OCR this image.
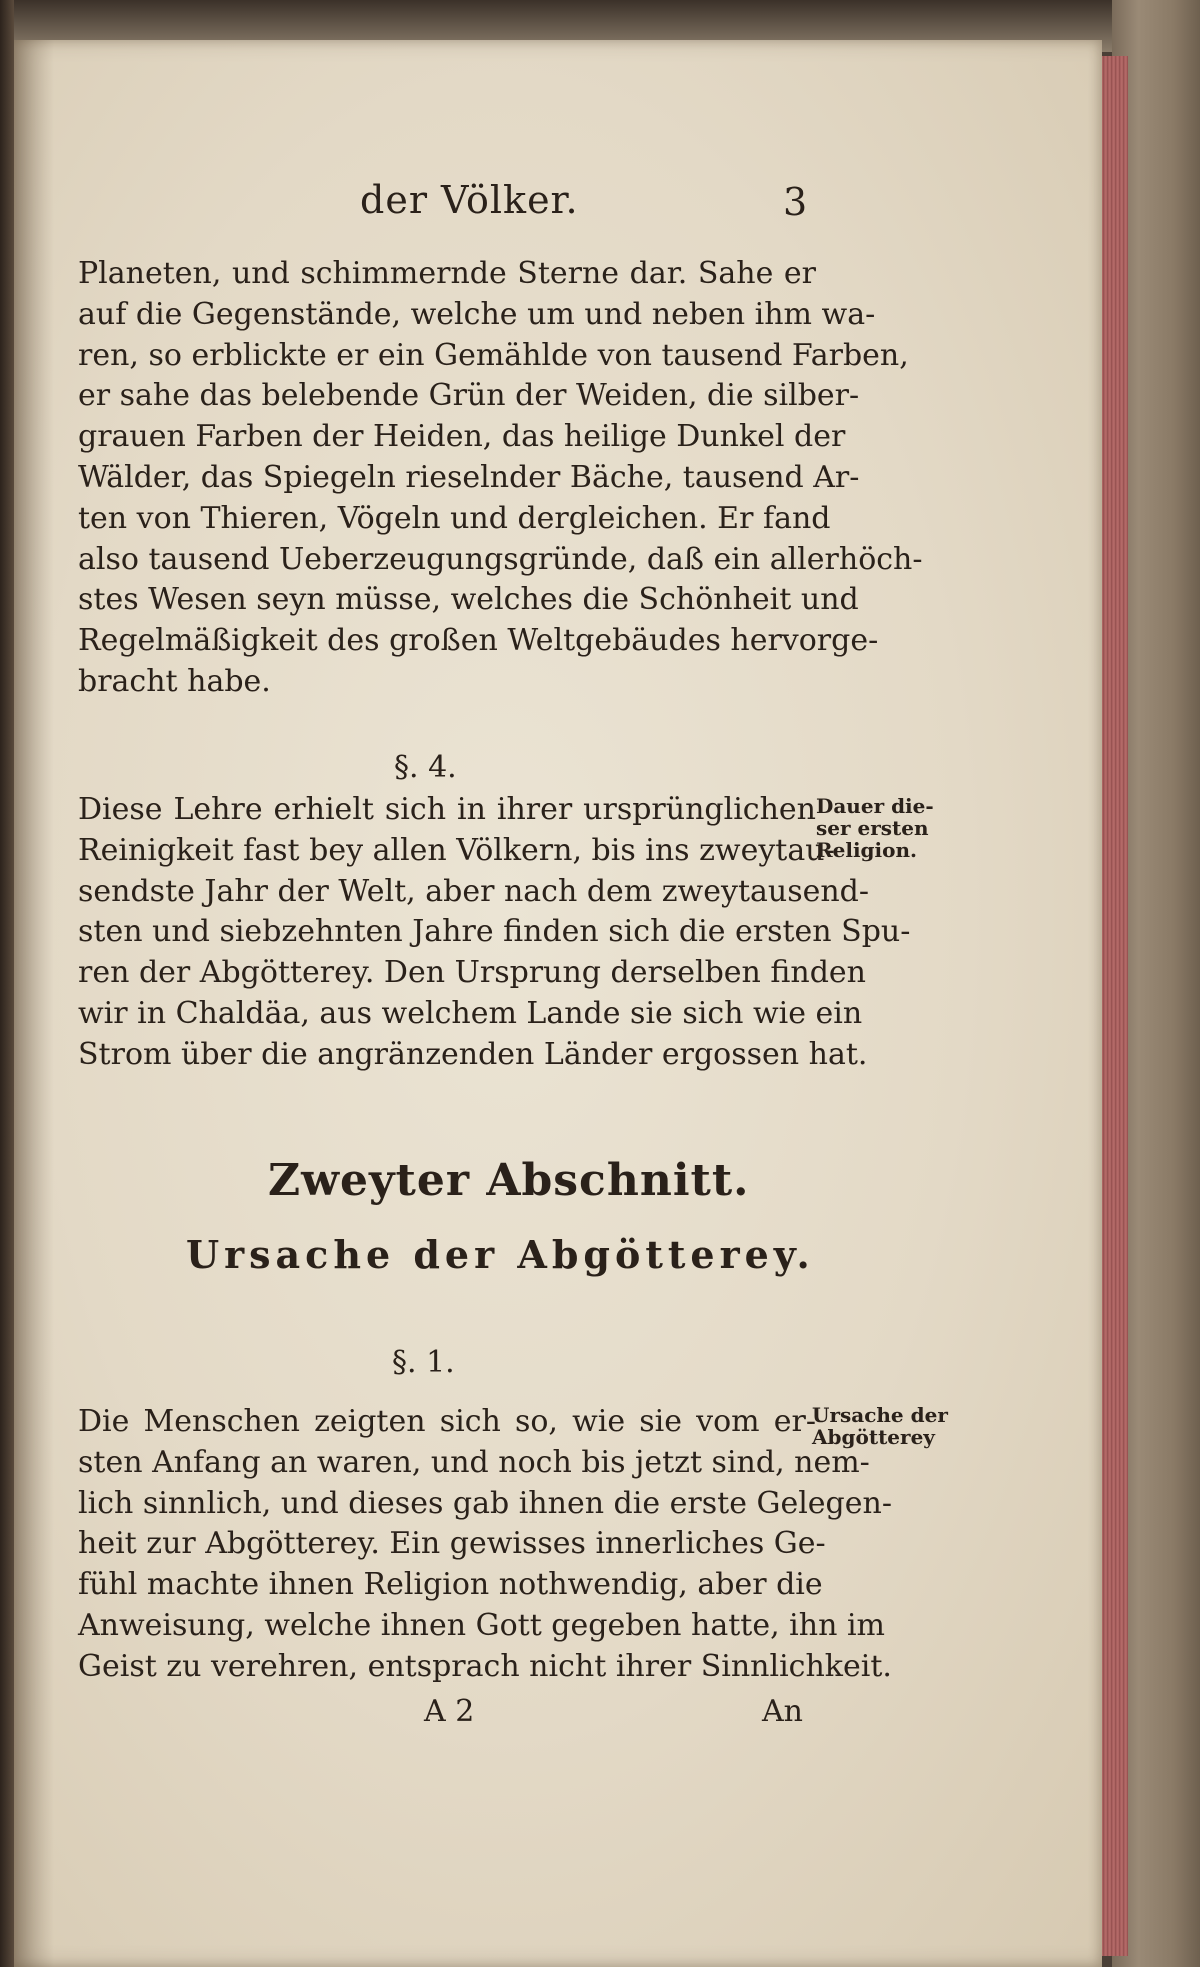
der Völker.	3
Planeten, und schimmernde Sterne dar. Sahe er
auf die Gegenstände, welche um und neben ihm wa-
ren, so erblickte er ein Gemählde von tausend Farben,
er sahe das belebende Grün der Weiden, die silber-
grauen Farben der Heiden, das heilige Dunkel der
Wälder, das Spiegeln rieselnder Bäche, tausend Ar-
ten von Thieren, Vögeln und dergleichen. Er fand
also tausend Ueberzeugungsgründe, daß ein allerhöch-
stes Wesen seyn müsse, welches die Schönheit und
Regelmäßigkeit des großen Weltgebäudes hervorge-
bracht habe.
§. 4.
Diese Lehre erhielt sich in ihrer ursprünglichen
Reinigkeit fast bey allen Völkern, bis ins zweytau-
sendste Jahr der Welt, aber nach dem zweytausend-
sten und siebzehnten Jahre finden sich die ersten Spu-
ren der Abgötterey. Den Ursprung derselben finden
wir in Chaldäa, aus welchem Lande sie sich wie ein
Strom über die angränzenden Länder ergossen hat.
Dauer die-
ser ersten
Religion.
Zweyter Abschnitt.
Ursache der Abgötterey.
§. 1.
Die Menschen zeigten sich so, wie sie vom er-
sten Anfang an waren, und noch bis jetzt sind, nem-
lich sinnlich, und dieses gab ihnen die erste Gelegen-
heit zur Abgötterey. Ein gewisses innerliches Ge-
fühl machte ihnen Religion nothwendig, aber die
Anweisung, welche ihnen Gott gegeben hatte, ihn im
Geist zu verehren, entsprach nicht ihrer Sinnlichkeit.
Ursache der
Abgötterey
A 2	An
